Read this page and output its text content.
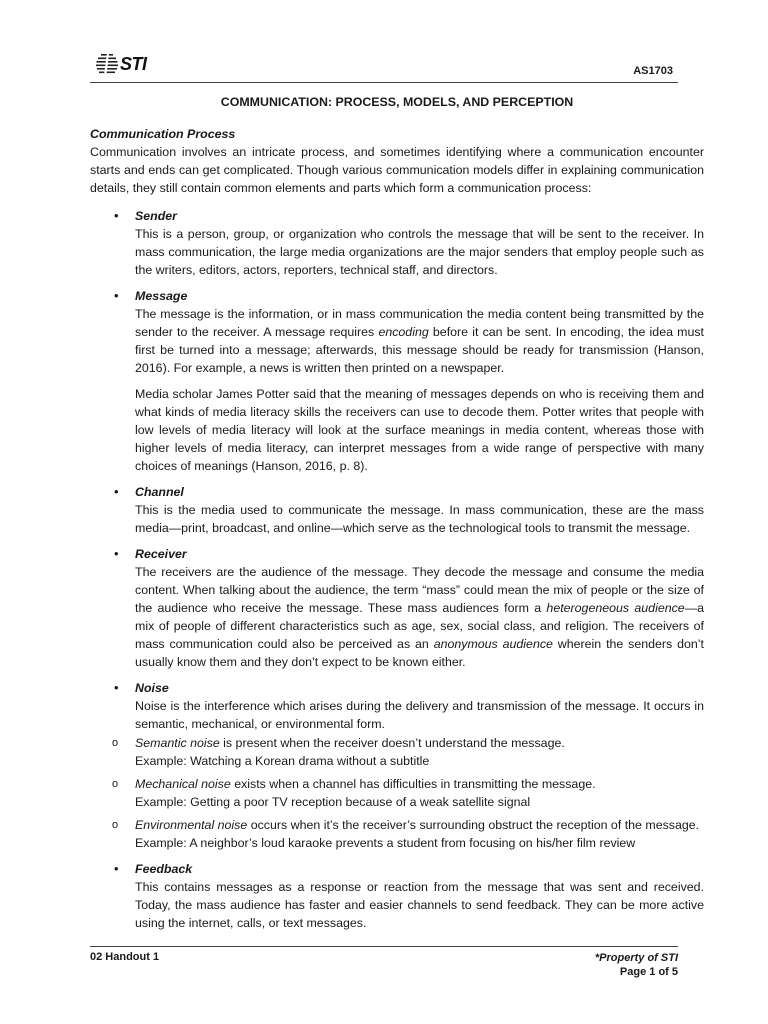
STI	AS1703
COMMUNICATION: PROCESS, MODELS, AND PERCEPTION
Communication Process

Communication involves an intricate process, and sometimes identifying where a communication encounter starts and ends can get complicated. Though various communication models differ in explaining communication details, they still contain common elements and parts which form a communication process:

• Sender

This is a person, group, or organization who controls the message that will be sent to the receiver. In mass communication, the large media organizations are the major senders that employ people such as the writers, editors, actors, reporters, technical staff, and directors.

• Message

The message is the information, or in mass communication the media content being transmitted by the sender to the receiver. A message requires encoding before it can be sent. In encoding, the idea must first be turned into a message; afterwards, this message should be ready for transmission (Hanson, 2016). For example, a news is written then printed on a newspaper.

Media scholar James Potter said that the meaning of messages depends on who is receiving them and what kinds of media literacy skills the receivers can use to decode them. Potter writes that people with low levels of media literacy will look at the surface meanings in media content, whereas those with higher levels of media literacy, can interpret messages from a wide range of perspective with many choices of meanings (Hanson, 2016, p. 8).

• Channel

This is the media used to communicate the message. In mass communication, these are the mass media—print, broadcast, and online—which serve as the technological tools to transmit the message.

• Receiver

The receivers are the audience of the message. They decode the message and consume the media content. When talking about the audience, the term “mass” could mean the mix of people or the size of the audience who receive the message. These mass audiences form a heterogeneous audience—a mix of people of different characteristics such as age, sex, social class, and religion. The receivers of mass communication could also be perceived as an anonymous audience wherein the senders don’t usually know them and they don’t expect to be known either.

• Noise

Noise is the interference which arises during the delivery and transmission of the message. It occurs in semantic, mechanical, or environmental form.

o Semantic noise is present when the receiver doesn’t understand the message.

Example: Watching a Korean drama without a subtitle

o Mechanical noise exists when a channel has difficulties in transmitting the message.

Example: Getting a poor TV reception because of a weak satellite signal

o Environmental noise occurs when it’s the receiver’s surrounding obstruct the reception of the message.

Example: A neighbor’s loud karaoke prevents a student from focusing on his/her film review

• Feedback

This contains messages as a response or reaction from the message that was sent and received. Today, the mass audience has faster and easier channels to send feedback. They can be more active using the internet, calls, or text messages.

02 Handout 1	*Property of STI
Page 1 of 5
